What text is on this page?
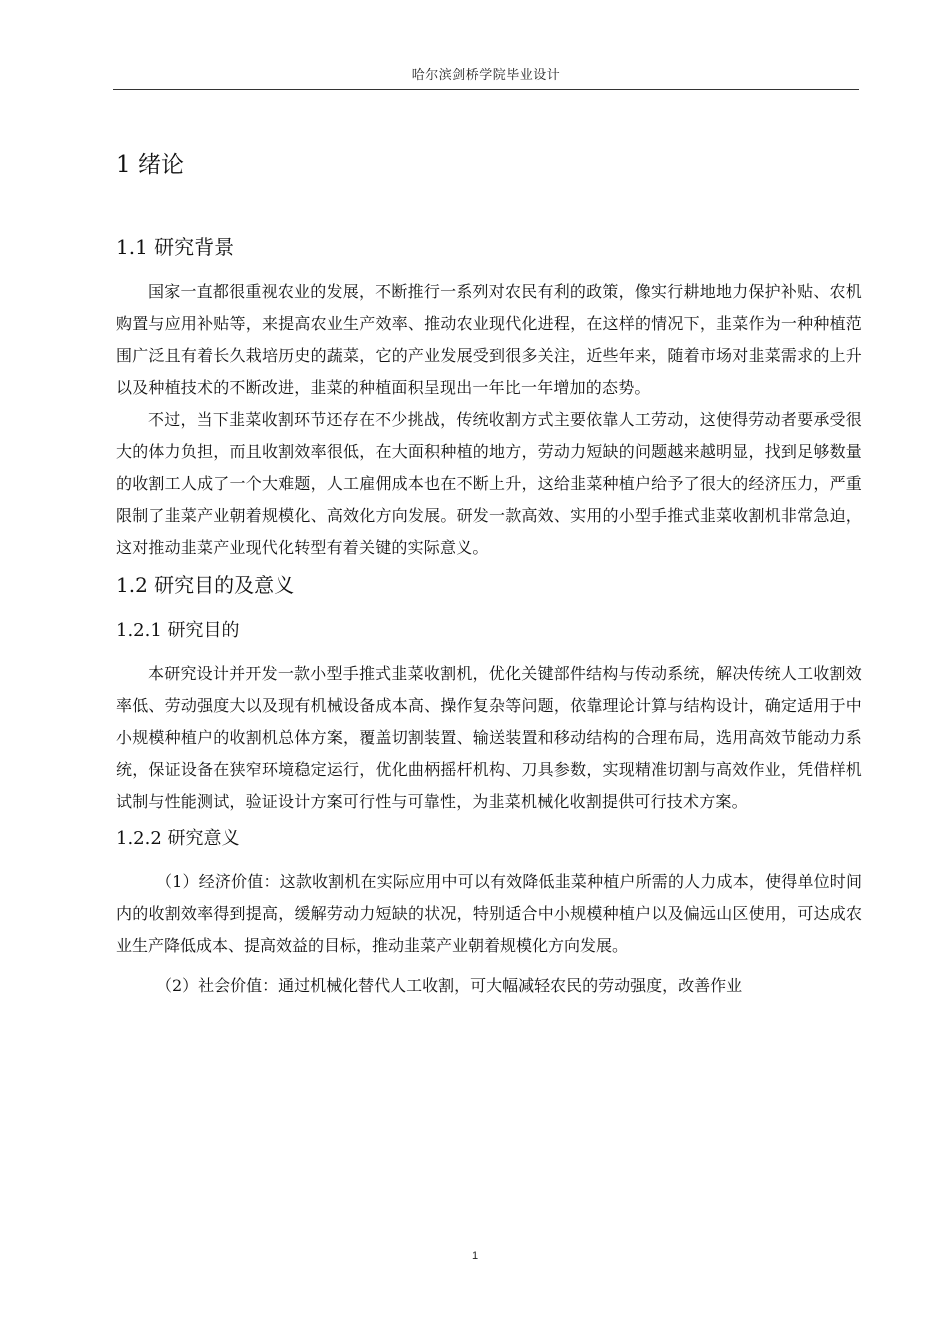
哈尔滨剑桥学院毕业设计
1 绪论
1.1 研究背景

国家一直都很重视农业的发展，不断推行一系列对农民有利的政策，像实行耕地地力保护补贴、农机购置与应用补贴等，来提高农业生产效率、推动农业现代化进程，在这样的情况下，韭菜作为一种种植范围广泛且有着长久栽培历史的蔬菜，它的产业发展受到很多关注，近些年来，随着市场对韭菜需求的上升以及种植技术的不断改进，韭菜的种植面积呈现出一年比一年增加的态势。

不过，当下韭菜收割环节还存在不少挑战，传统收割方式主要依靠人工劳动，这使得劳动者要承受很大的体力负担，而且收割效率很低，在大面积种植的地方，劳动力短缺的问题越来越明显，找到足够数量的收割工人成了一个大难题，人工雇佣成本也在不断上升，这给韭菜种植户给予了很大的经济压力，严重限制了韭菜产业朝着规模化、高效化方向发展。研发一款高效、实用的小型手推式韭菜收割机非常急迫，这对推动韭菜产业现代化转型有着关键的实际意义。

1.2 研究目的及意义
1.2.1 研究目的

本研究设计并开发一款小型手推式韭菜收割机，优化关键部件结构与传动系统，解决传统人工收割效率低、劳动强度大以及现有机械设备成本高、操作复杂等问题，依靠理论计算与结构设计，确定适用于中小规模种植户的收割机总体方案，覆盖切割装置、输送装置和移动结构的合理布局，选用高效节能动力系统，保证设备在狭窄环境稳定运行，优化曲柄摇杆机构、刀具参数，实现精准切割与高效作业，凭借样机试制与性能测试，验证设计方案可行性与可靠性，为韭菜机械化收割提供可行技术方案。

1.2.2 研究意义

（1）经济价值：这款收割机在实际应用中可以有效降低韭菜种植户所需的人力成本，使得单位时间内的收割效率得到提高，缓解劳动力短缺的状况，特别适合中小规模种植户以及偏远山区使用，可达成农业生产降低成本、提高效益的目标，推动韭菜产业朝着规模化方向发展。

（2）社会价值：通过机械化替代人工收割，可大幅减轻农民的劳动强度，改善作业

1
